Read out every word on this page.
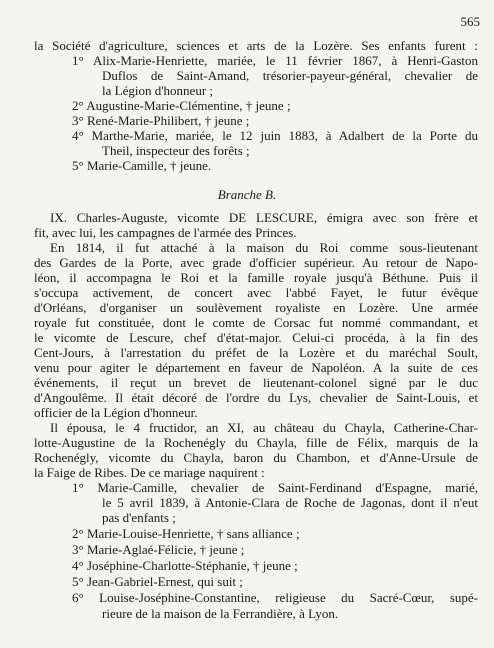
565
la Société d'agriculture, sciences et arts de la Lozère. Ses enfants furent :
1° Alix-Marie-Henriette, mariée, le 11 février 1867, à Henri-Gaston
Duflos de Saint-Amand, trésorier-payeur-général, chevalier de
la Légion d'honneur ;
2° Augustine-Marie-Clémentine, † jeune ;
3° René-Marie-Philibert, † jeune ;
4° Marthe-Marie, mariée, le 12 juin 1883, à Adalbert de la Porte du
Theil, inspecteur des forêts ;
5° Marie-Camille, † jeune.
Branche B.
IX. Charles-Auguste, vicomte DE LESCURE, émigra avec son frère et
fit, avec lui, les campagnes de l'armée des Princes.
En 1814, il fut attaché à la maison du Roi comme sous-lieutenant
des Gardes de la Porte, avec grade d'officier supérieur. Au retour de Napo-
léon, il accompagna le Roi et la famille royale jusqu'à Béthune. Puis il
s'occupa activement, de concert avec l'abbé Fayet, le futur évêque
d'Orléans, d'organiser un soulèvement royaliste en Lozère. Une armée
royale fut constituée, dont le comte de Corsac fut nommé commandant, et
le vicomte de Lescure, chef d'état-major. Celui-ci procéda, à la fin des
Cent-Jours, à l'arrestation du préfet de la Lozère et du maréchal Soult,
venu pour agiter le département en faveur de Napoléon. A la suite de ces
événements, il reçut un brevet de lieutenant-colonel signé par le duc
d'Angoulême. Il était décoré de l'ordre du Lys, chevalier de Saint-Louis, et
officier de la Légion d'honneur.
Il épousa, le 4 fructidor, an XI, au château du Chayla, Catherine-Char-
lotte-Augustine de la Rochenégly du Chayla, fille de Félix, marquis de la
Rochenégly, vicomte du Chayla, baron du Chambon, et d'Anne-Ursule de
la Faige de Ribes. De ce mariage naquirent :
1° Marie-Camille, chevalier de Saint-Ferdinand d'Espagne, marié,
le 5 avril 1839, à Antonie-Clara de Roche de Jagonas, dont il n'eut
pas d'enfants ;
2° Marie-Louise-Henriette, † sans alliance ;
3° Marie-Aglaé-Félicie, † jeune ;
4° Joséphine-Charlotte-Stéphanie, † jeune ;
5° Jean-Gabriel-Ernest, qui suit ;
6° Louise-Joséphine-Constantine, religieuse du Sacré-Cœur, supé-
rieure de la maison de la Ferrandière, à Lyon.
